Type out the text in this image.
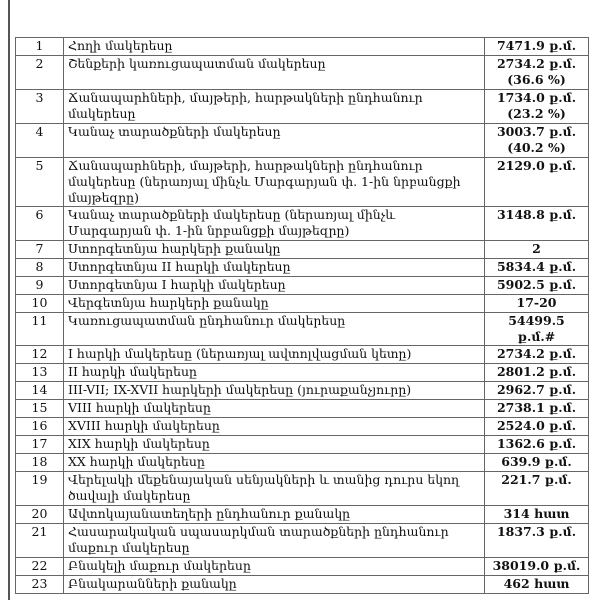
1	Հողի մակերեսը	7471.9 ք.մ.
2	Շենքերի կառուցապատման մակերեսը	2734.2 ք.մ.
(36.6 %)

3	Ճանապարհների, մայթերի, հարթակների ընդհանուր մակերեսը	1734.0 ք.մ.
(23.2 %)

4	Կանաչ տարածքների մակերեսը	3003.7 ք.մ.
(40.2 %)

5	Ճանապարհների, մայթերի, հարթակների ընդհանուր մակերեսը (ներառյալ մինչև Մարգարյան փ. 1-ին նրբանցքի մայթեզրը)	2129.0 ք.մ.
6	Կանաչ տարածքների մակերեսը (ներառյալ մինչև Մարգարյան փ. 1-ին նրբանցքի մայթեզրը)	3148.8 ք.մ.
7	Ստորգետնյա հարկերի քանակը	2
8	Ստորգետնյա II հարկի մակերեսը	5834.4 ք.մ.
9	Ստորգետնյա I հարկի մակերեսը	5902.5 ք.մ.
10	Վերգետնյա հարկերի քանակը	17-20
11	Կառուցապատման ընդհանուր մակերեսը	54499.5 ք.մ.#
12	I հարկի մակերեսը (ներառյալ ավտոլվացման կետը)	2734.2 ք.մ.
13	II հարկի մակերեսը	2801.2 ք.մ.
14	III-VII; IX-XVII հարկերի մակերեսը (յուրաքանչյուրը)	2962.7 ք.մ.
15	VIII հարկի մակերեսը	2738.1 ք.մ.
16	XVIII հարկի մակերեսը	2524.0 ք.մ.
17	XIX հարկի մակերեսը	1362.6 ք.մ.
18	XX հարկի մակերեսը	639.9 ք.մ.
19	Վերելակի մեքենայական սենյակների և տանից դուրս եկող ծավալի մակերեսը	221.7 ք.մ.
20	Ավտոկայանատեղերի ընդհանուր քանակը	314 հատ
21	Հասարակական սպասարկման տարածքների ընդհանուր մաքուր մակերեսը	1837.3 ք.մ.
22	Բնակելի մաքուր մակերեսը	38019.0 ք.մ.
23	Բնակարանների քանակը	462 հատ
